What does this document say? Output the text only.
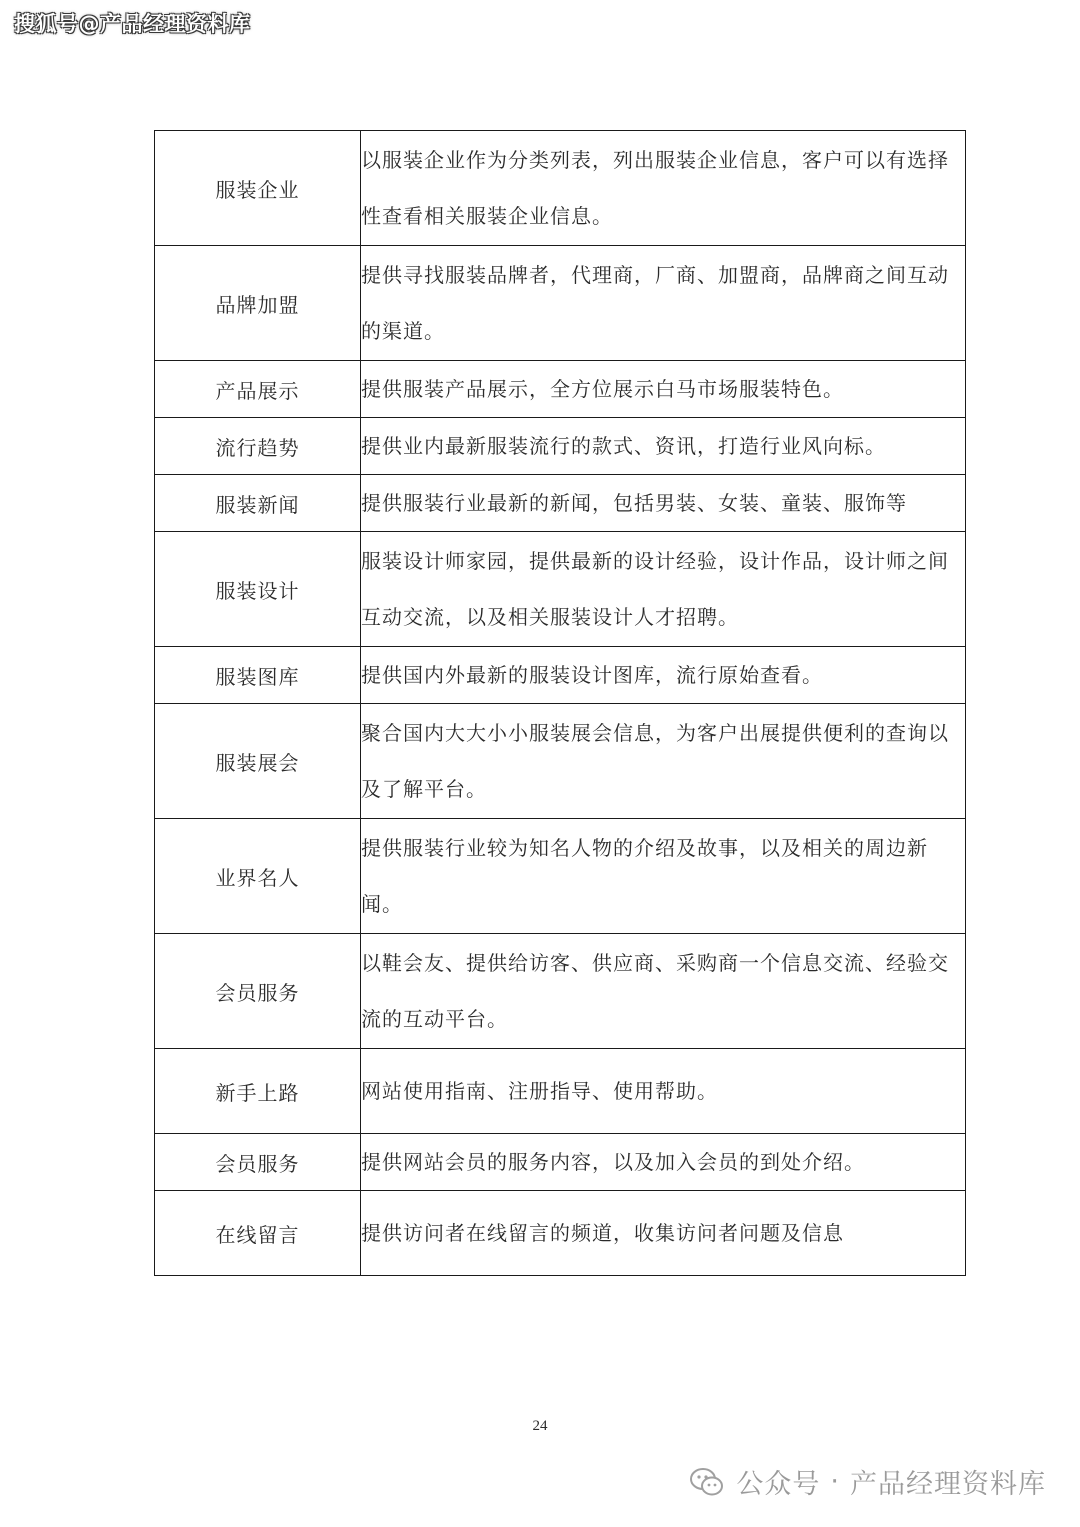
搜狐号@产品经理资料库
服装企业	以服装企业作为分类列表，列出服装企业信息，客户可以有选择性查看相关服装企业信息。
品牌加盟	提供寻找服装品牌者，代理商，厂商、加盟商，品牌商之间互动的渠道。
产品展示	提供服装产品展示，全方位展示白马市场服装特色。
流行趋势	提供业内最新服装流行的款式、资讯，打造行业风向标。
服装新闻	提供服装行业最新的新闻，包括男装、女装、童装、服饰等
服装设计	服装设计师家园，提供最新的设计经验，设计作品，设计师之间互动交流，以及相关服装设计人才招聘。
服装图库	提供国内外最新的服装设计图库，流行原始查看。
服装展会	聚合国内大大小小服装展会信息，为客户出展提供便利的查询以及了解平台。
业界名人	提供服装行业较为知名人物的介绍及故事，以及相关的周边新闻。
会员服务	以鞋会友、提供给访客、供应商、采购商一个信息交流、经验交流的互动平台。
新手上路	网站使用指南、注册指导、使用帮助。
会员服务	提供网站会员的服务内容，以及加入会员的到处介绍。
在线留言	提供访问者在线留言的频道，收集访问者问题及信息
24
公众号 · 产品经理资料库
